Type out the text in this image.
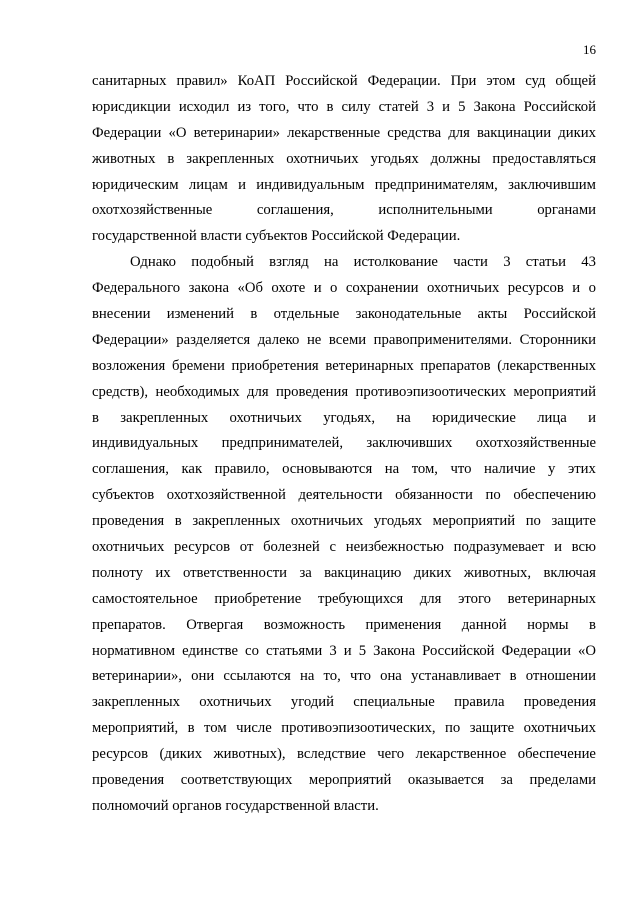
16
санитарных правил» КоАП Российской Федерации. При этом суд общей
юрисдикции исходил из того, что в силу статей 3 и 5 Закона Российской
Федерации «О ветеринарии» лекарственные средства для вакцинации диких
животных в закрепленных охотничьих угодьях должны предоставляться
юридическим лицам и индивидуальным предпринимателям, заключившим
охотхозяйственные	соглашения,	исполнительными	органами
государственной власти субъектов Российской Федерации.
Однако подобный взгляд на истолкование части 3 статьи 43
Федерального закона «Об охоте и о сохранении охотничьих ресурсов и о
внесении изменений в отдельные законодательные акты Российской
Федерации» разделяется далеко не всеми правоприменителями. Сторонники
возложения бремени приобретения ветеринарных препаратов (лекарственных
средств), необходимых для проведения противоэпизоотических мероприятий
в закрепленных охотничьих угодьях, на юридические лица и
индивидуальных предпринимателей, заключивших охотхозяйственные
соглашения, как правило, основываются на том, что наличие у этих
субъектов охотхозяйственной деятельности обязанности по обеспечению
проведения в закрепленных охотничьих угодьях мероприятий по защите
охотничьих ресурсов от болезней с неизбежностью подразумевает и всю
полноту их ответственности за вакцинацию диких животных, включая
самостоятельное приобретение требующихся для этого ветеринарных
препаратов. Отвергая возможность применения данной нормы в
нормативном единстве со статьями 3 и 5 Закона Российской Федерации «О
ветеринарии», они ссылаются на то, что она устанавливает в отношении
закрепленных охотничьих угодий специальные правила проведения
мероприятий, в том числе противоэпизоотических, по защите охотничьих
ресурсов (диких животных), вследствие чего лекарственное обеспечение
проведения соответствующих мероприятий оказывается за пределами
полномочий органов государственной власти.
